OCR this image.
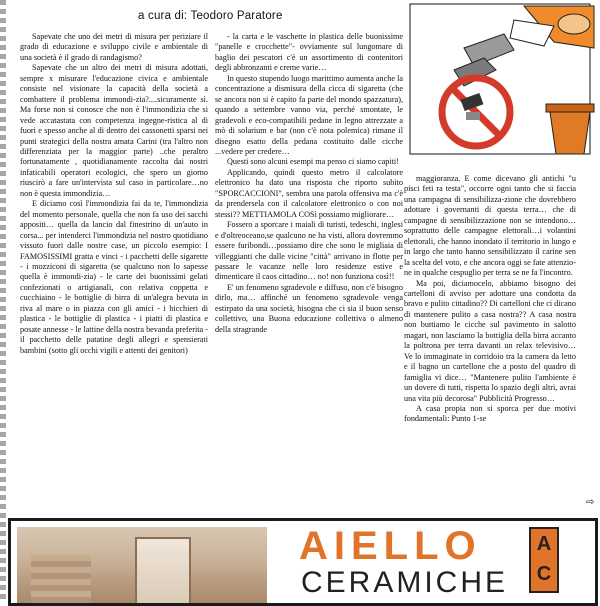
a cura di: Teodoro Paratore

Sapevate che uno dei metri di misura per periziare il grado di educazione e sviluppo civile e ambientale di una società è il grado di randagismo?

Sapevate che un altro dei metri di misura adottati, sempre x misurare l'educazione civica e ambientale consiste nel visionare la capacità della società a combattere il problema immondi-zia?....sicuramente sì. Ma forse non si conosce che non è l'immondizia che si vede accatastata con competenza ingegne-ristica al di fuori e spesso anche al di dentro dei cassonetti sparsi nei punti strategici della nostra amata Carini (tra l'altro non differenziata per la maggior parte) ..che peraltro fortunatamente , quotidianamente raccolta dai nostri infaticabili operatori ecologici, che spero un giorno riuscirò a fare un'intervista sul caso in particolare…no non è questa immondizia…

E diciamo così l'immondizia fai da te, l'immondizia del momento personale, quella che non fa uso dei sacchi appositi… quella da lancio dal finestrino di un'auto in corsa... per intenderci l'immondizia nel nostro quotidiano vissuto fuori dalle nostre case, un piccolo esempio: I FAMOSISSIMI gratta e vinci - i pacchetti delle sigarette - i mozziconi di sigaretta (se qualcuno non lo sapesse quella è immondi-zia) - le carte dei buonissimi gelati confezionati o artigianali, con relativa coppetta e cucchiaino - le bottiglie di birra di un'alegra bevuta in riva al mare o in piazza con gli amici - i bicchieri di plastica - le bottiglie di plastica - i piatti di plastica e posate annesse - le lattine della nostra bevanda preferita - il pacchetto delle patatine degli allegri e spensierati bambini (sotto gli occhi vigili e attenti dei genitori)

- la carta e le vaschette in plastica delle buonissime "panelle e crocchette"- ovviamente sul lungomare di baglio dei pescatori c'è un assortimento di contenitori degli abbronzanti e creme varie…

In questo stupendo luogo marittimo aumenta anche la concentrazione a dismisura della cicca di sigaretta (che se ancora non si è capito fa parte del mondo spazzatura), quando a settembre vanno via, perché smontate, le gradevoli e eco-compatibili pedane in legno attrezzate a mò di solarium e bar (non c'è nota polemica) rimane il disegno esatto della pedana costituito dalle cicche ...vedere per credere…

Questi sono alcuni esempi ma penso ci siamo capiti!

Applicando, quindi questo metro il calcolatore elettronico ha dato una risposta che riporto subito "SPORCACCIONI", sembra una parola offensiva ma c'è da prendersela con il calcolatore elettronico o con noi stessi?? METTIAMOLA COSì possiamo migliorare…

Fossero a sporcare i maiali di turisti, tedeschi, inglesi e d'oltreoceano,se qualcuno ne ha visti, allora dovremmo essere furibondi…possiamo dire che sono le migliaia di villeggianti che dalle vicine "città" arrivano in flotte per passare le vacanze nelle loro residenze estive e dimenticare il caos cittadino… no! non funziona così!!

E' un fenomeno sgradevole e diffuso, non c'è bisogno dirlo, ma… affinché un fenomeno sgradevole venga estirpato da una società, bisogna che ci sia il buon senso collettivo, una Buona educazione collettiva o almeno della stragrande

maggioranza. E come dicevano gli antichi "u pisci feti ra testa", occorre ogni tanto che si faccia una campagna di sensibilizza-zione che dovrebbero adottare i governanti di questa terra… che di campagne di sensibilizzazione non se intendono… soprattutto delle campagne elettorali…i volantini elettorali, che hanno inondato il territorio in lungo e in largo che tanto hanno sensibilizzato il carine sen la scelta del voto, e che ancora oggi se fate attenzio-ne in qualche cespuglio per terra se ne fa l'incontro.

Ma poi, diciamocelo, abbiamo bisogno dei cartelloni di avviso per adottare una condotta da bravo e pulito cittadino?? Di cartelloni che ci dicano di mantenere pulito a casa nostra?? A casa nostra non buttiamo le cicche sul pavimento in salotto magari, non lasciamo la bottiglia della birra accanto la poltrona per terra davanti un relax televisivo… Ve lo immaginate in corridoio tra la camera da letto e il bagno un cartellone che a posto del quadro di famiglia vi dice… "Mantenere pulito l'ambiente è un dovere di tutti, rispetta lo spazio degli altri, avrai una vita più decorosa" Pubblicità Progresso…

A casa propia non si sporca per due motivi fondamentali: Punto 1-se

⇨
AIELLO
CERAMICHE
A
C
